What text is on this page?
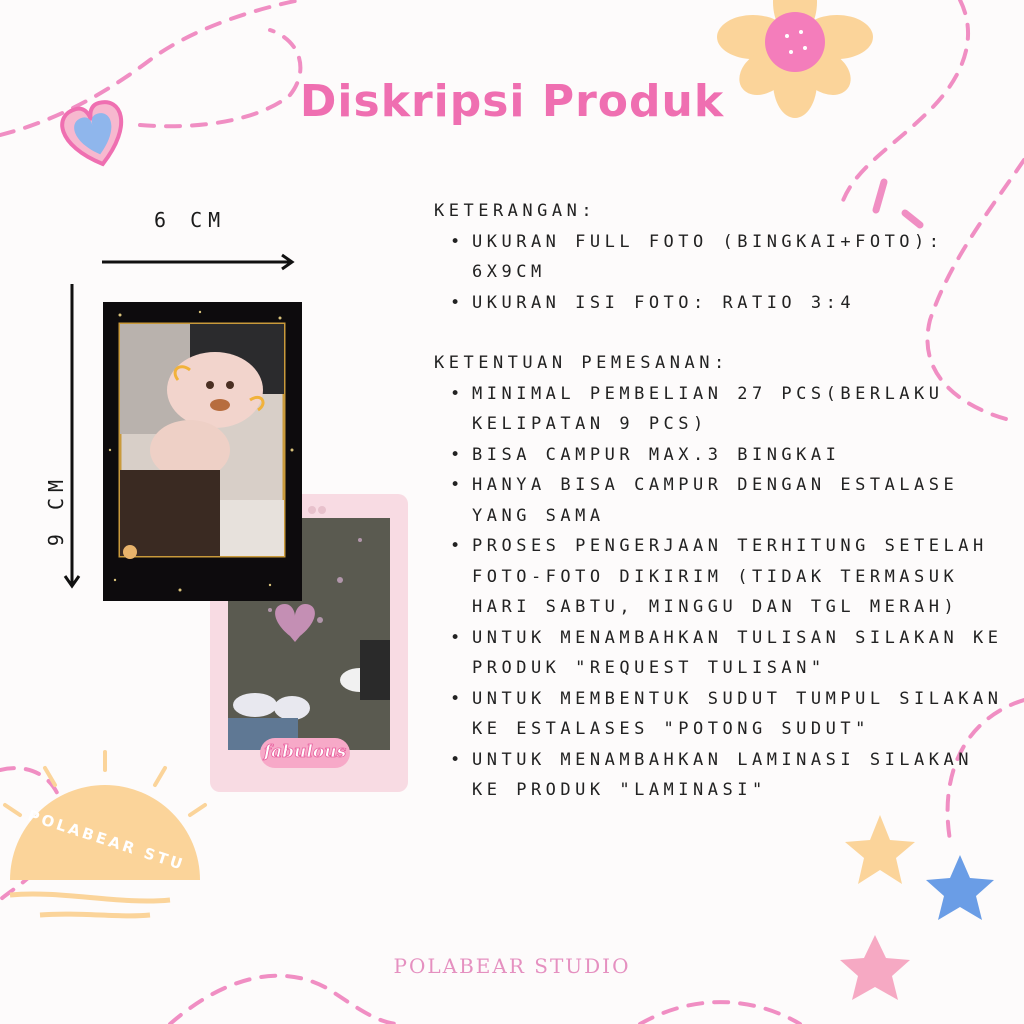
fabulous
POLABEAR STU
Diskripsi Produk
6 CM
9 CM
KETERANGAN:
• UKURAN FULL FOTO (BINGKAI+FOTO): 6X9CM
• UKURAN ISI FOTO: RATIO 3:4
KETENTUAN PEMESANAN:
• MINIMAL PEMBELIAN 27 PCS(BERLAKU KELIPATAN 9 PCS)
• BISA CAMPUR MAX.3 BINGKAI
• HANYA BISA CAMPUR DENGAN ESTALASE YANG SAMA
• PROSES PENGERJAAN TERHITUNG SETELAH FOTO-FOTO DIKIRIM (TIDAK TERMASUK HARI SABTU, MINGGU DAN TGL MERAH)
• UNTUK MENAMBAHKAN TULISAN SILAKAN KE PRODUK "REQUEST TULISAN"
• UNTUK MEMBENTUK SUDUT TUMPUL SILAKAN KE ESTALASES "POTONG SUDUT"
• UNTUK MENAMBAHKAN LAMINASI SILAKAN KE PRODUK "LAMINASI"
POLABEAR STUDIO
